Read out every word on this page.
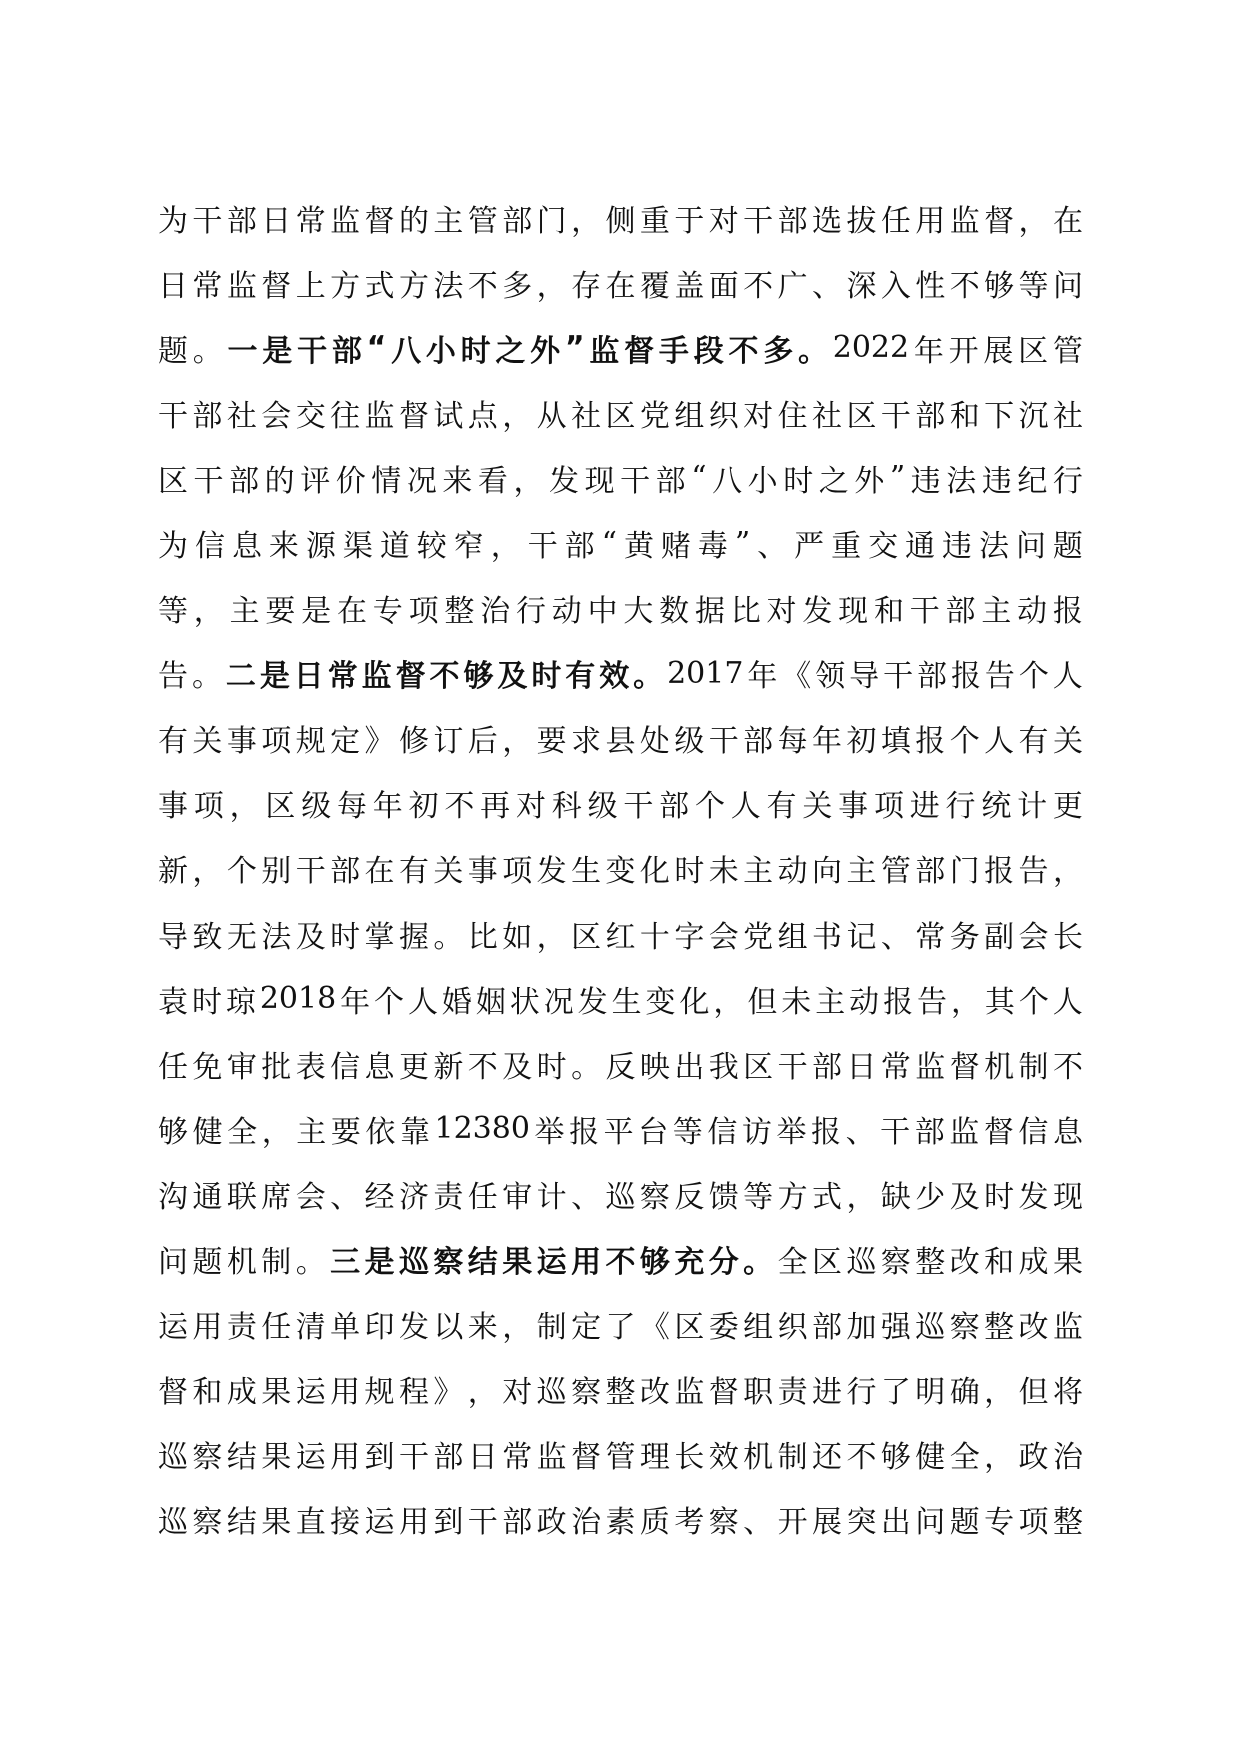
为 干 部 日 常 监 督 的 主 管 部 门 ， 侧 重 于 对 干 部 选 拔 任 用 监 督 ， 在
日 常 监 督 上 方 式 方 法 不 多 ， 存 在 覆 盖 面 不 广 、 深 入 性 不 够 等 问
题 。 一 是 干 部 “ 八 小 时 之 外 ” 监 督 手 段 不 多 。 2022 年 开 展 区 管
干 部 社 会 交 往 监 督 试 点 ， 从 社 区 党 组 织 对 住 社 区 干 部 和 下 沉 社
区 干 部 的 评 价 情 况 来 看 ， 发 现 干 部 “ 八 小 时 之 外 ” 违 法 违 纪 行
为 信 息 来 源 渠 道 较 窄 ， 干 部 “ 黄 赌 毒 ” 、 严 重 交 通 违 法 问 题
等 ， 主 要 是 在 专 项 整 治 行 动 中 大 数 据 比 对 发 现 和 干 部 主 动 报
告 。 二 是 日 常 监 督 不 够 及 时 有 效 。 2017 年 《 领 导 干 部 报 告 个 人
有 关 事 项 规 定 》 修 订 后 ， 要 求 县 处 级 干 部 每 年 初 填 报 个 人 有 关
事 项 ， 区 级 每 年 初 不 再 对 科 级 干 部 个 人 有 关 事 项 进 行 统 计 更
新 ， 个 别 干 部 在 有 关 事 项 发 生 变 化 时 未 主 动 向 主 管 部 门 报 告 ，
导 致 无 法 及 时 掌 握 。 比 如 ， 区 红 十 字 会 党 组 书 记 、 常 务 副 会 长
袁 时 琼 2018 年 个 人 婚 姻 状 况 发 生 变 化 ， 但 未 主 动 报 告 ， 其 个 人
任 免 审 批 表 信 息 更 新 不 及 时 。 反 映 出 我 区 干 部 日 常 监 督 机 制 不
够 健 全 ， 主 要 依 靠 12380 举 报 平 台 等 信 访 举 报 、 干 部 监 督 信 息
沟 通 联 席 会 、 经 济 责 任 审 计 、 巡 察 反 馈 等 方 式 ， 缺 少 及 时 发 现
问 题 机 制 。 三 是 巡 察 结 果 运 用 不 够 充 分 。 全 区 巡 察 整 改 和 成 果
运 用 责 任 清 单 印 发 以 来 ， 制 定 了 《 区 委 组 织 部 加 强 巡 察 整 改 监
督 和 成 果 运 用 规 程 》 ， 对 巡 察 整 改 监 督 职 责 进 行 了 明 确 ， 但 将
巡 察 结 果 运 用 到 干 部 日 常 监 督 管 理 长 效 机 制 还 不 够 健 全 ， 政 治
巡 察 结 果 直 接 运 用 到 干 部 政 治 素 质 考 察 、 开 展 突 出 问 题 专 项 整
